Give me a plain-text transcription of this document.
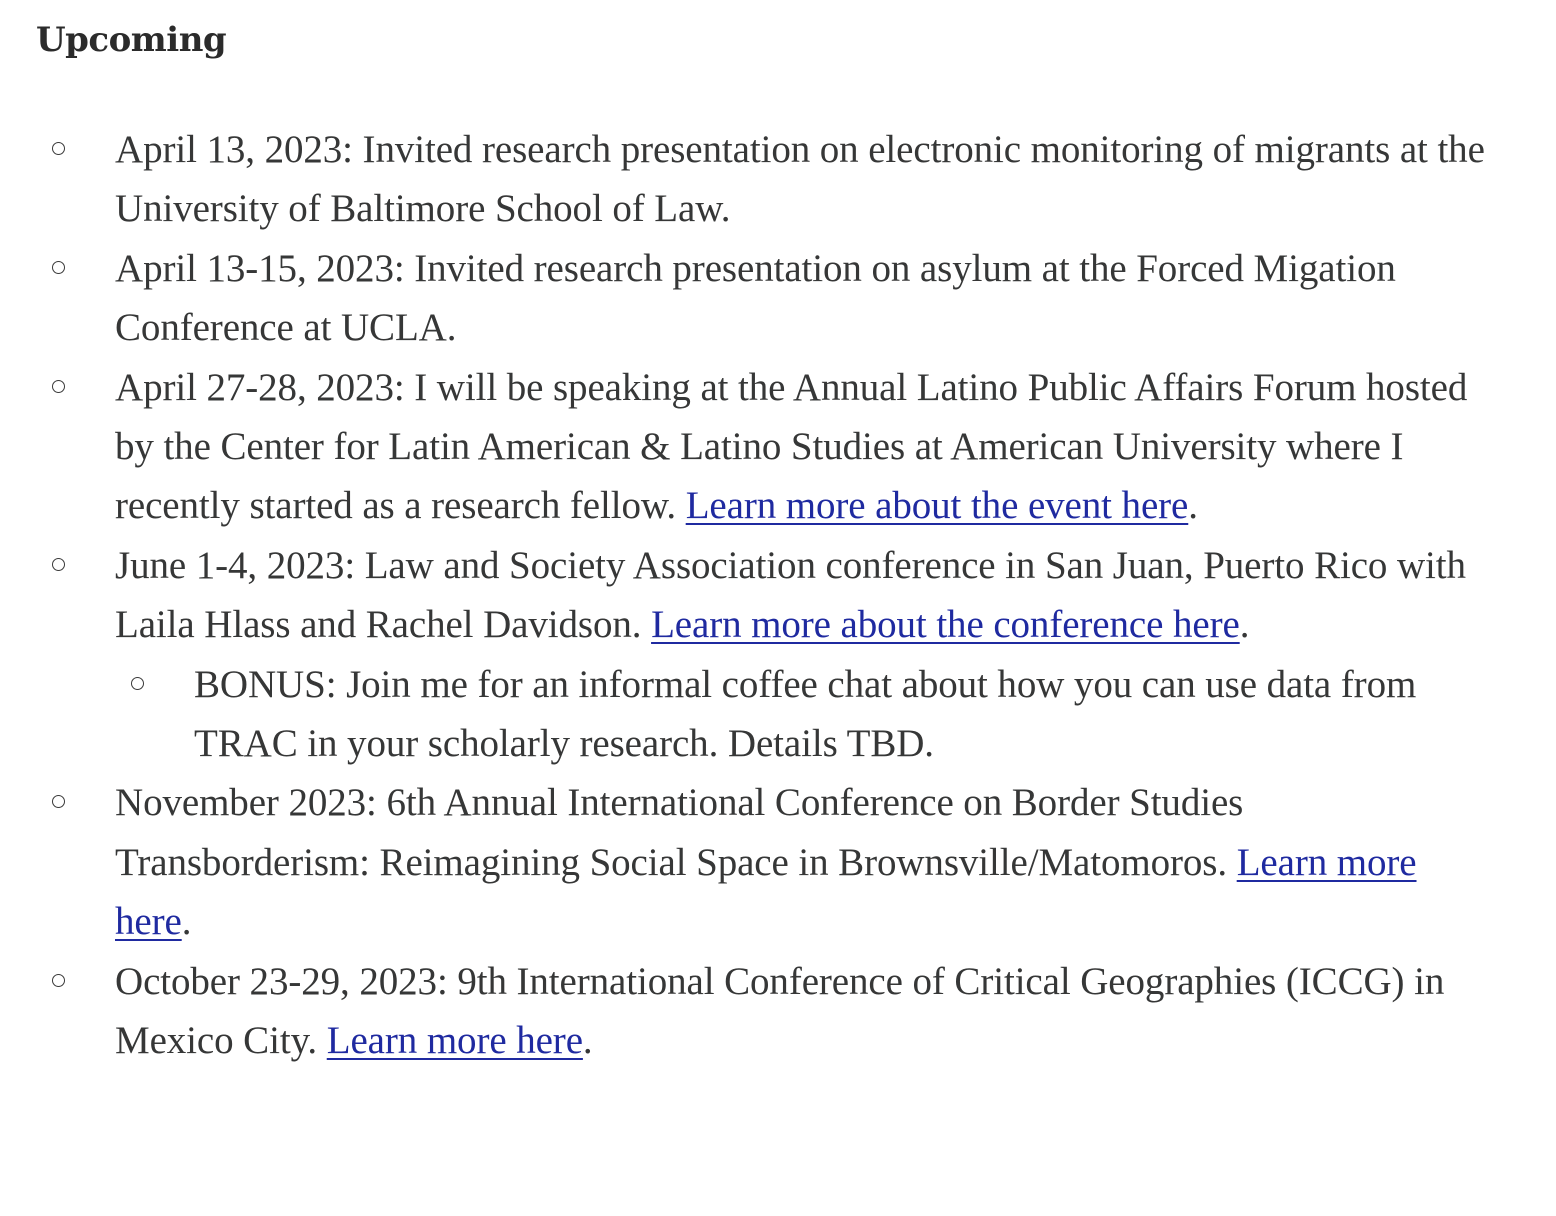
Upcoming
April 13, 2023: Invited research presentation on electronic monitoring of migrants at the University of Baltimore School of Law.
April 13-15, 2023: Invited research presentation on asylum at the Forced Migation Conference at UCLA.
April 27-28, 2023: I will be speaking at the Annual Latino Public Affairs Forum hosted by the Center for Latin American & Latino Studies at American University where I recently started as a research fellow. Learn more about the event here.
June 1-4, 2023: Law and Society Association conference in San Juan, Puerto Rico with Laila Hlass and Rachel Davidson. Learn more about the conference here.
BONUS: Join me for an informal coffee chat about how you can use data from TRAC in your scholarly research. Details TBD.
November 2023: 6th Annual International Conference on Border Studies Transborderism: Reimagining Social Space in Brownsville/Matomoros. Learn more here.
October 23-29, 2023: 9th International Conference of Critical Geographies (ICCG) in Mexico City. Learn more here.
